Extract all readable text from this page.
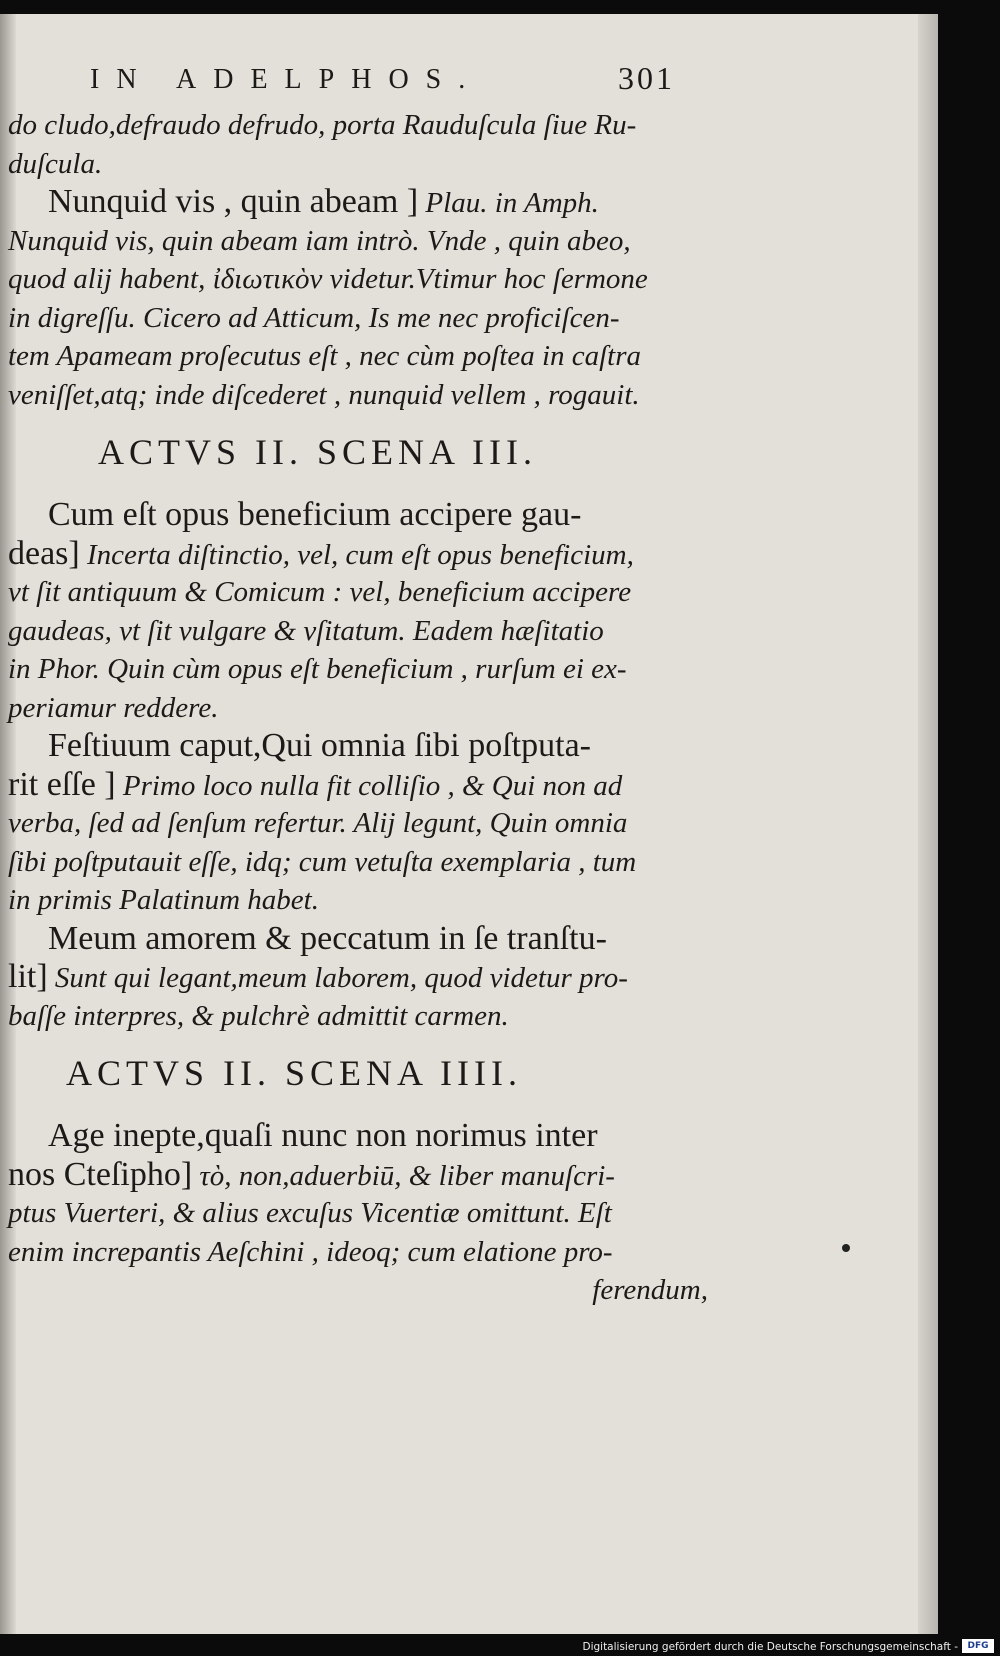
IN ADELPHOS.	301
do cludo,defraudo defrudo, porta Rauduſcula ſiue Ru-
duſcula.
Nunquid vis , quin abeam ] Plau. in Amph.
Nunquid vis, quin abeam iam intrò. Vnde , quin abeo,
quod alij habent, ἰδιωτικὸν videtur.Vtimur hoc ſermone
in digreſſu. Cicero ad Atticum, Is me nec proficiſcen-
tem Apameam proſecutus eſt , nec cùm poſtea in caſtra
veniſſet,atq; inde diſcederet , nunquid vellem , rogauit.
ACTVS II. SCENA III.
Cum eſt opus beneficium accipere gau-
deas] Incerta diſtinctio, vel, cum eſt opus beneficium,
vt ſit antiquum & Comicum : vel, beneficium accipere
gaudeas, vt ſit vulgare & vſitatum. Eadem hæſitatio
in Phor. Quin cùm opus eſt beneficium , rurſum ei ex-
periamur reddere.
Feſtiuum caput,Qui omnia ſibi poſtputa-
rit eſſe ] Primo loco nulla fit colliſio , & Qui non ad
verba, ſed ad ſenſum refertur. Alij legunt, Quin omnia
ſibi poſtputauit eſſe, idq; cum vetuſta exemplaria , tum
in primis Palatinum habet.
Meum amorem & peccatum in ſe tranſtu-
lit] Sunt qui legant,meum laborem, quod videtur pro-
baſſe interpres, & pulchrè admittit carmen.
ACTVS II. SCENA IIII.
Age inepte,quaſi nunc non norimus inter
nos Cteſipho] τὸ, non,aduerbiū, & liber manuſcri-
ptus Vuerteri, & alius excuſus Vicentiæ omittunt. Eſt
enim increpantis Aeſchini , ideoq; cum elatione pro-
ferendum,
Digitalisierung gefördert durch die Deutsche Forschungsgemeinschaft -	DFG
